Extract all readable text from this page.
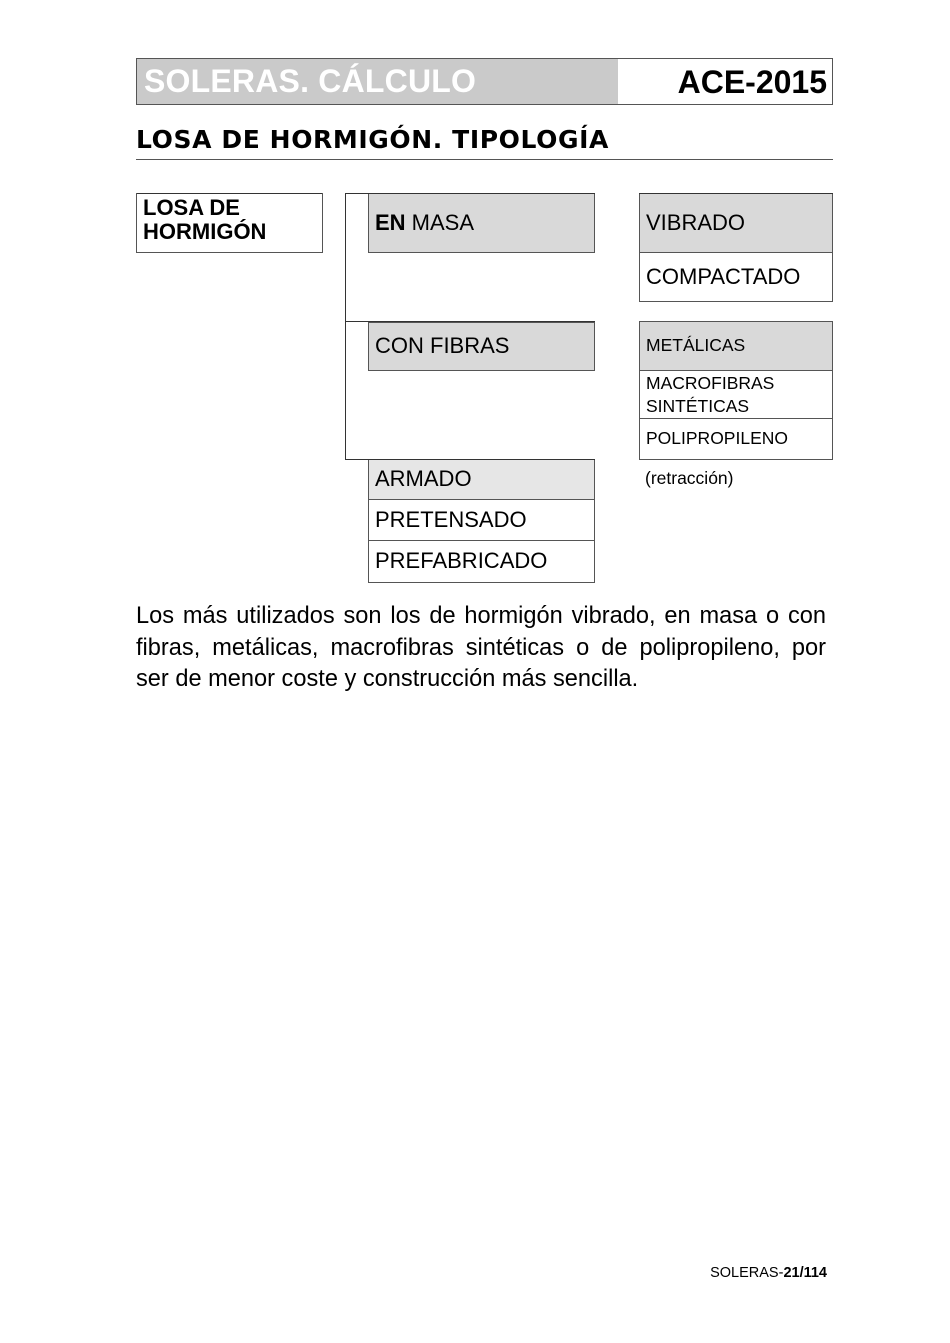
SOLERAS. CÁLCULO	ACE-2015
LOSA DE HORMIGÓN. TIPOLOGÍA
LOSA DE
HORMIGÓN	EN MASA	VIBRADO
COMPACTADO
CON FIBRAS	METÁLICAS
MACROFIBRAS
SINTÉTICAS
POLIPROPILENO
(retracción)
ARMADO
PRETENSADO
PREFABRICADO
Los más utilizados son los de hormigón vibrado, en masa o con fibras, metálicas, macrofibras sintéticas o de polipropileno, por ser de menor coste y construcción más sencilla.
SOLERAS-21/114
